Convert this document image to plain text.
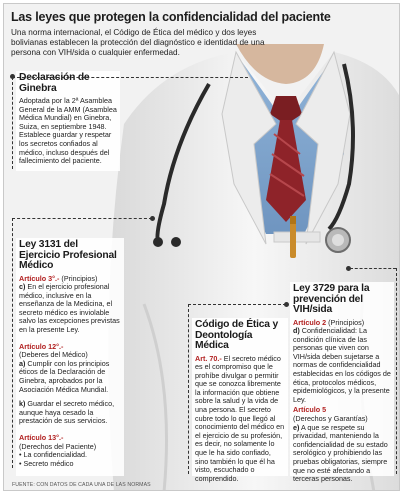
Las leyes que protegen la confidencialidad del paciente
Una norma internacional, el Código de Ética del médico y dos leyes bolivianas establecen la protección del diagnóstico e identidad de una persona con VIH/sida o cualquier enfermedad.
Declaración de Ginebra

Adoptada por la 2ª Asamblea General de la AMM (Asamblea Médica Mundial) en Ginebra, Suiza, en septiembre 1948. Establece guardar y respetar los secretos confiados al médico, incluso después del fallecimiento del paciente.

Ley 3131 del Ejercicio Profesional Médico

Artículo 3°.- (Principios)

c) En el ejercicio profesional médico, inclusive en la enseñanza de la Medicina, el secreto médico es inviolable salvo las excepciones previstas en la presente Ley.

Artículo 12°.-

(Deberes del Médico)

a) Cumplir con los principios éticos de la Declaración de Ginebra, aprobados por la Asociación Médica Mundial.

k) Guardar el secreto médico, aunque haya cesado la prestación de sus servicios.

Artículo 13°.-

(Derechos del Paciente)

• La confidencialidad.

• Secreto médico

Código de Ética y Deontología Médica

Art. 70.- El secreto médico es el compromiso que le prohíbe divulgar o permitir que se conozca libremente la información que obtiene sobre la salud y la vida de una persona. El secreto cubre todo lo que llegó al conocimiento del médico en el ejercicio de su profesión, es decir, no solamente lo que le ha sido confiado, sino también lo que él ha visto, escuchado o comprendido.

Ley 3729 para la prevención del VIH/sida

Artículo 2 (Principios)

d) Confidencialidad: La condición clínica de las personas que viven con VIH/sida deben sujetarse a normas de confidencialidad establecidas en los códigos de ética, protocolos médicos, epidemiológicos, y la presente Ley.

Artículo 5

(Derechos y Garantías)

e) A que se respete su privacidad, manteniendo la confidencialidad de su estado serológico y prohibiendo las pruebas obligatorias, siempre que no esté afectando a terceras personas.

FUENTE: CON DATOS DE CADA UNA DE LAS NORMAS
